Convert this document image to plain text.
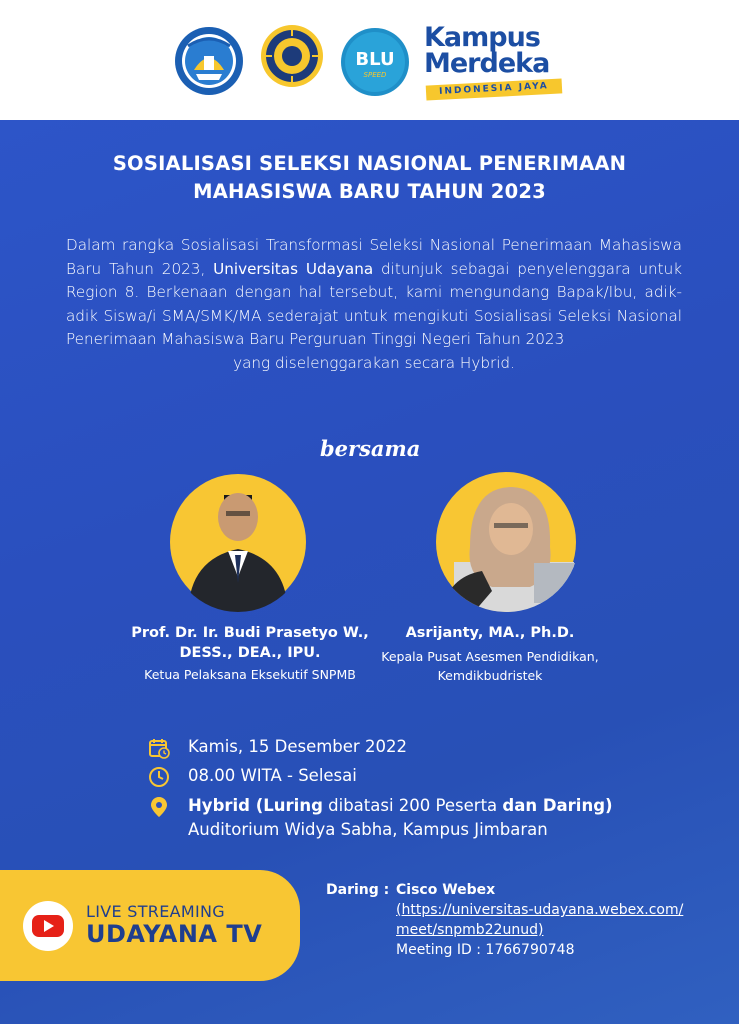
BLU
SPEED
Kampus
Merdeka
INDONESIA JAYA
SOSIALISASI SELEKSI NASIONAL PENERIMAAN
MAHASISWA BARU TAHUN 2023
Dalam rangka Sosialisasi Transformasi Seleksi Nasional Penerimaan Mahasiswa Baru Tahun 2023, Universitas Udayana ditunjuk sebagai penyelenggara untuk Region 8. Berkenaan dengan hal tersebut, kami mengundang Bapak/Ibu, adik-adik Siswa/i SMA/SMK/MA sederajat untuk mengikuti Sosialisasi Seleksi Nasional Penerimaan Mahasiswa Baru Perguruan Tinggi Negeri Tahun 2023
yang diselenggarakan secara Hybrid.
bersama
Prof. Dr. Ir. Budi Prasetyo W.,
DESS., DEA., IPU.
Ketua Pelaksana Eksekutif SNPMB
Asrijanty, MA., Ph.D.
Kepala Pusat Asesmen Pendidikan,
Kemdikbudristek
Kamis, 15 Desember 2022
08.00 WITA - Selesai
Hybrid (Luring dibatasi 200 Peserta dan Daring)
Auditorium Widya Sabha, Kampus Jimbaran
LIVE STREAMING
UDAYANA TV
Daring : Cisco Webex
(https://universitas-udayana.webex.com/
meet/snpmb22unud)
Meeting ID : 1766790748
